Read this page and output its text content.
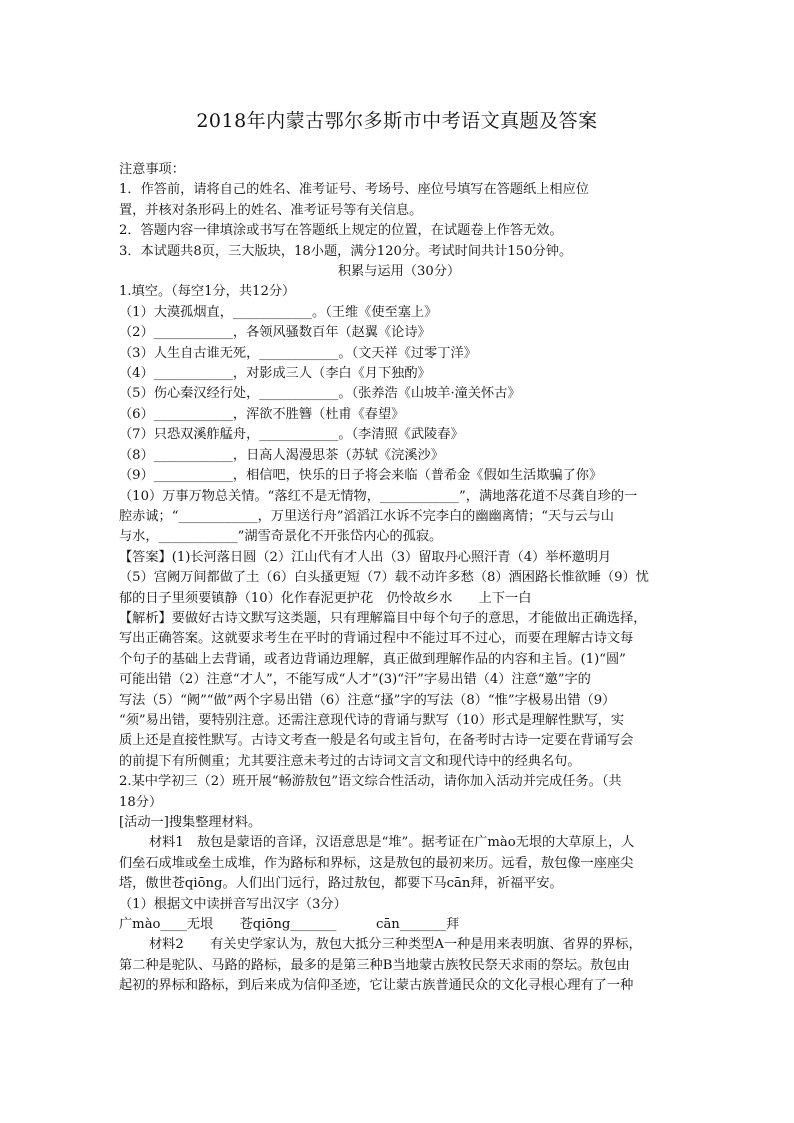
2018年内蒙古鄂尔多斯市中考语文真题及答案
注意事项：
1．作答前，请将自己的姓名、准考证号、考场号、座位号填写在答题纸上相应位
置，并核对条形码上的姓名、准考证号等有关信息。
2．答题内容一律填涂或书写在答题纸上规定的位置，在试题卷上作答无效。
3．本试题共8页，三大版块，18小题，满分120分。考试时间共计150分钟。
积累与运用（30分）
1.填空。（每空1分，共12分）
（1）大漠孤烟直，____________。（王维《使至塞上》
（2）____________，各领风骚数百年（赵翼《论诗》
（3）人生自古谁无死，____________。（文天祥《过零丁洋》
（4）____________，对影成三人（李白《月下独酌》
（5）伤心秦汉经行处，____________。（张养浩《山坡羊·潼关怀古》
（6）____________，浑欲不胜簪（杜甫《春望》
（7）只恐双溪舴艋舟，____________。（李清照《武陵春》
（8）____________，日高人渴漫思茶（苏轼《浣溪沙》
（9）____________，相信吧，快乐的日子将会来临（普希金《假如生活欺骗了你》
（10）万事万物总关情。“落红不是无情物，____________”，满地落花道不尽龚自珍的一
腔赤诚；“____________，万里送行舟”滔滔江水诉不完李白的幽幽离情；“天与云与山
与水，____________”湖雪奇景化不开张岱内心的孤寂。
【答案】(1)长河落日圆（2）江山代有才人出（3）留取丹心照汗青（4）举杯邀明月
（5）宫阙万间都做了土（6）白头搔更短（7）载不动许多愁（8）酒困路长惟欲睡（9）忧
郁的日子里须要镇静（10）化作春泥更护花　仍怜故乡水　　上下一白
【解析】要做好古诗文默写这类题，只有理解篇目中每个句子的意思，才能做出正确选择，
写出正确答案。这就要求考生在平时的背诵过程中不能过耳不过心，而要在理解古诗文每
个句子的基础上去背诵，或者边背诵边理解，真正做到理解作品的内容和主旨。(1)“圆”
可能出错（2）注意“才人”，不能写成“人才”(3)“汗”字易出错（4）注意“邀”字的
写法（5）“阙”“做”两个字易出错（6）注意“搔”字的写法（8）“惟”字极易出错（9）
“须”易出错，要特别注意。还需注意现代诗的背诵与默写（10）形式是理解性默写，实
质上还是直接性默写。古诗文考查一般是名句或主旨句，在备考时古诗一定要在背诵写会
的前提下有所侧重；尤其要注意未考过的古诗词文言文和现代诗中的经典名句。
2.某中学初三（2）班开展“畅游敖包”语文综合性活动，请你加入活动并完成任务。（共
18分）
[活动一]搜集整理材料。
材料1　敖包是蒙语的音译，汉语意思是“堆”。据考证在广mào无垠的大草原上，人
们垒石成堆或垒土成堆，作为路标和界标，这是敖包的最初来历。远看，敖包像一座座尖
塔，傲世苍qiōng。人们出门远行，路过敖包，都要下马cān拜，祈福平安。
（1）根据文中读拼音写出汉字（3分）
广mào____无垠　　苍qiōng_______　　　cān_______拜
材料2　　有关史学家认为，敖包大抵分三种类型A一种是用来表明旗、省界的界标，
第二种是驼队、马路的路标，最多的是第三种B当地蒙古族牧民祭天求雨的祭坛。敖包由
起初的界标和路标，到后来成为信仰圣迹，它让蒙古族普通民众的文化寻根心理有了一种
